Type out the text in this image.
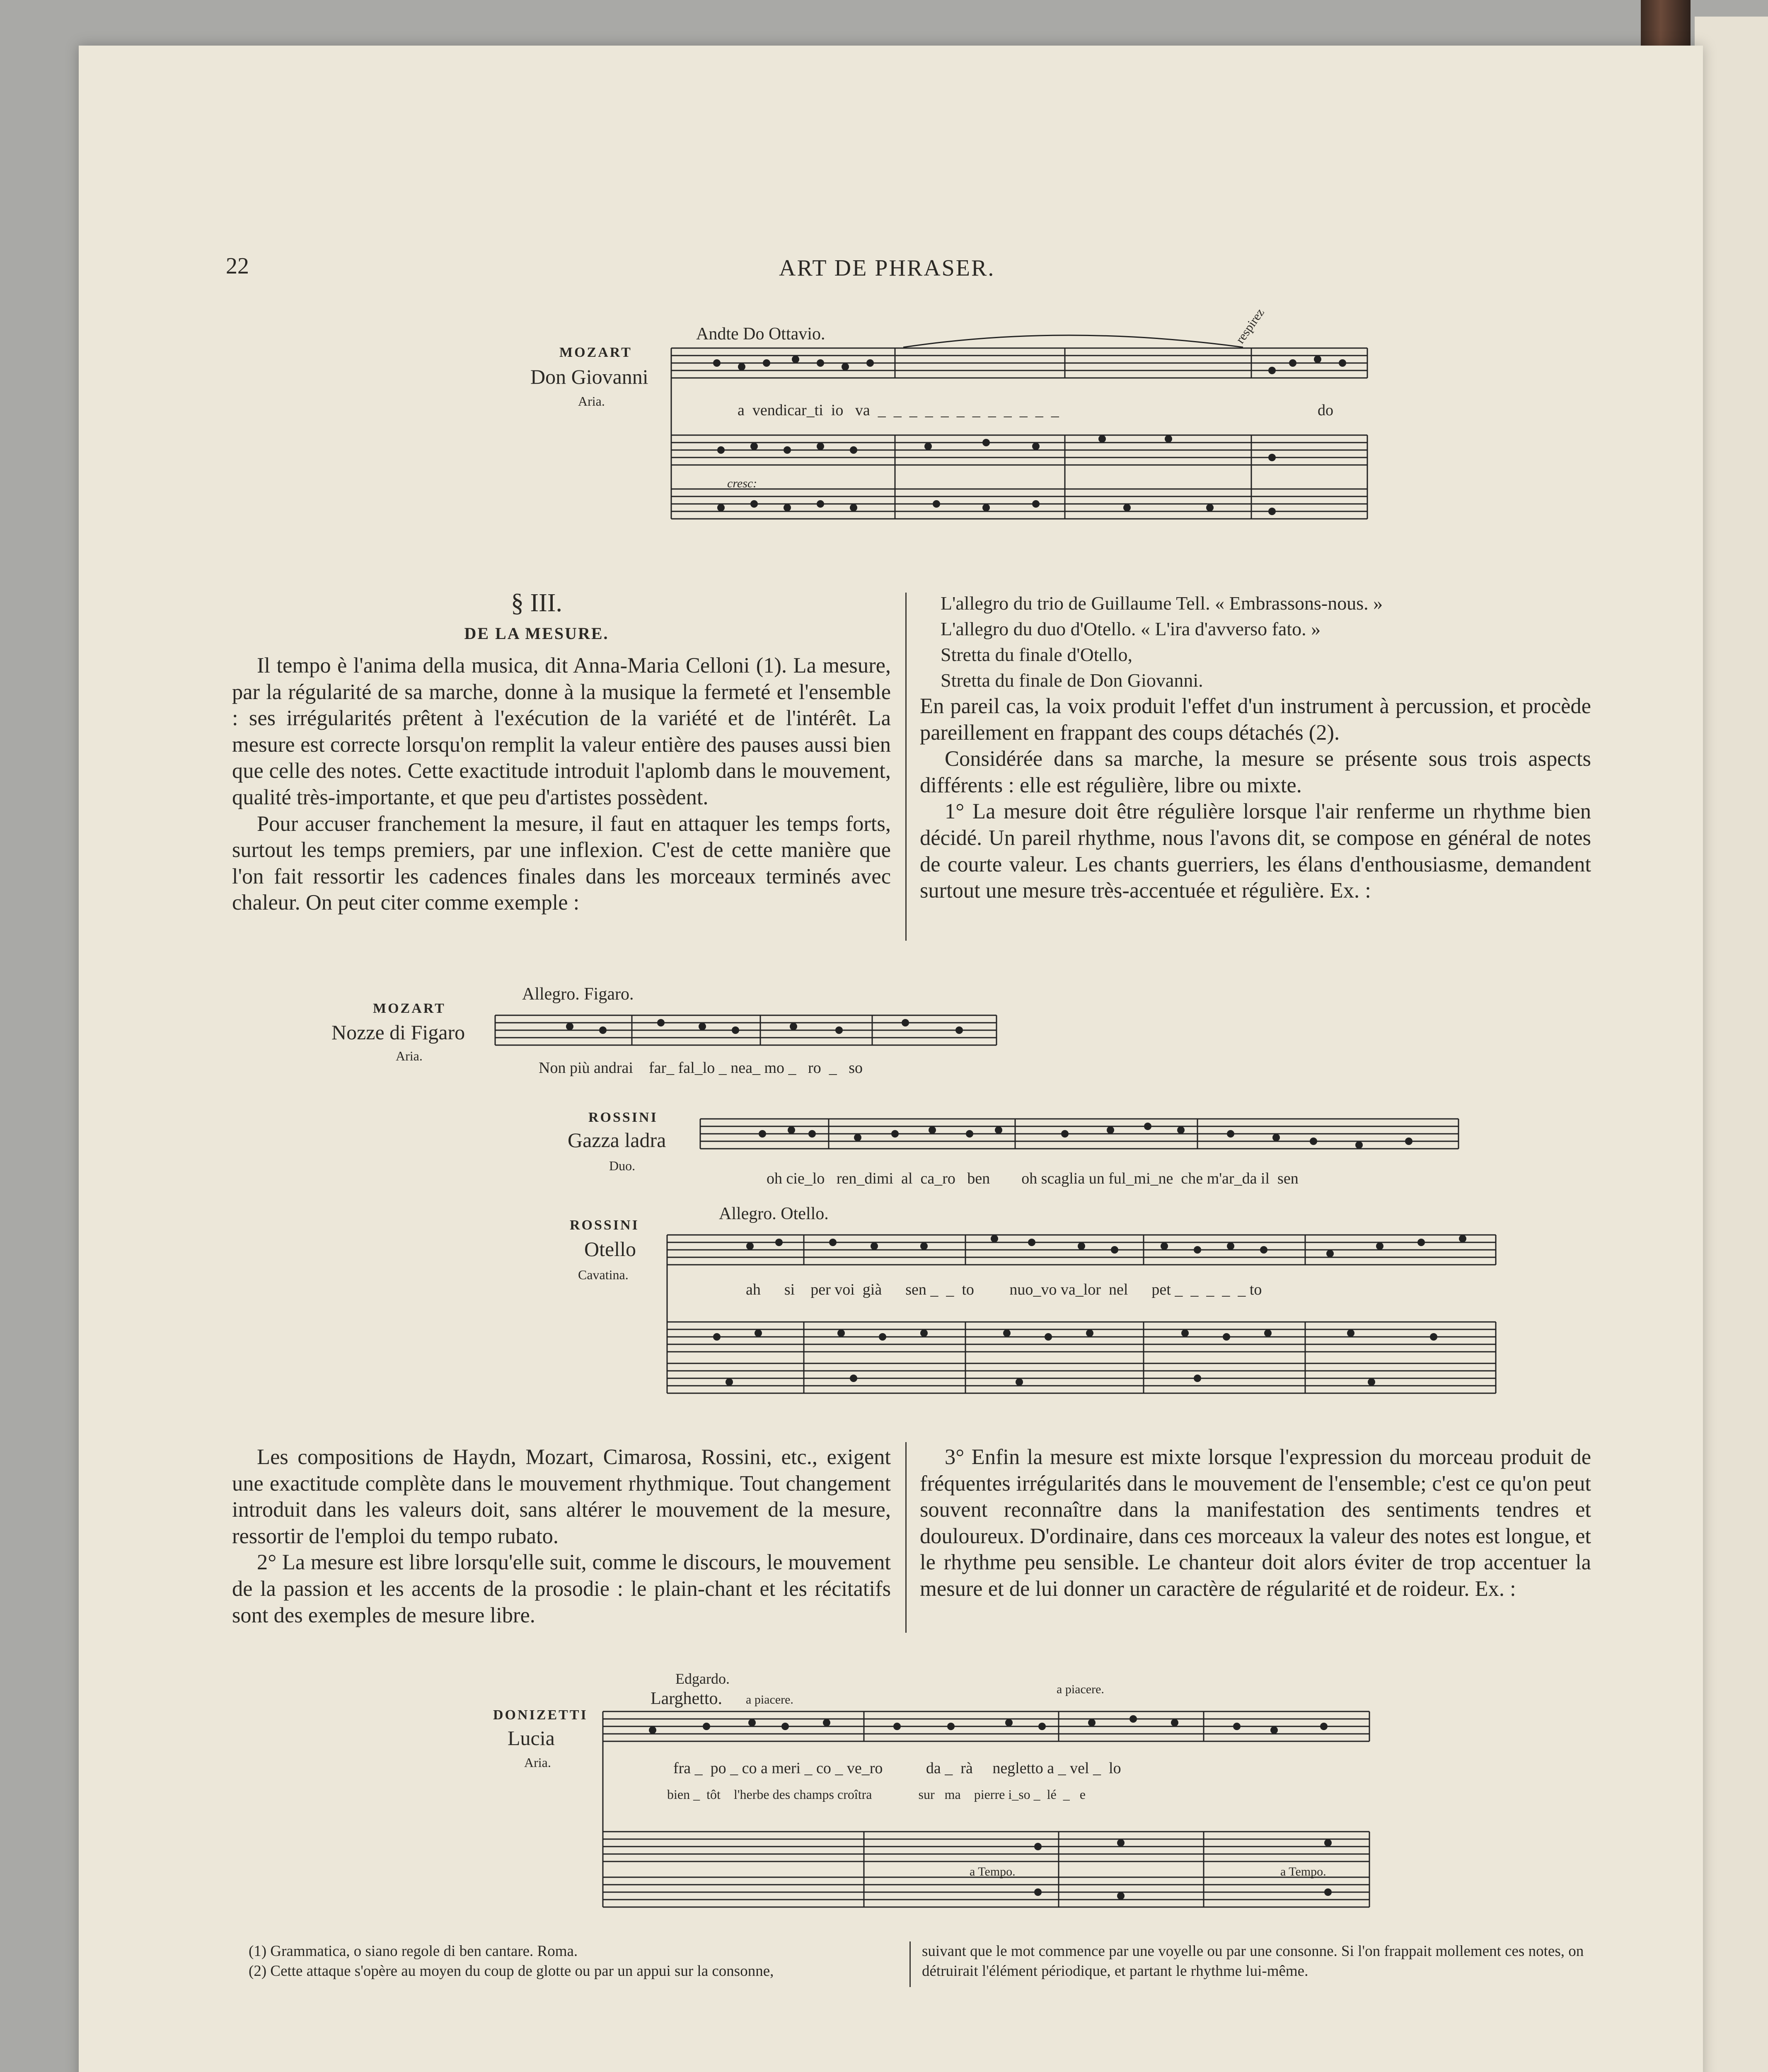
22	ART DE PHRASER.
MOZART
Don Giovanni
Aria.
Andte Do Ottavio.	respirez
cresc:
a  vendicar_ti  io   va  _  _  _  _  _  _  _  _  _  _  _  _	do
§ III.
DE LA MESURE.

Il tempo è l'anima della musica, dit Anna-Maria Celloni (1). La mesure, par la régularité de sa marche, donne à la musique la fermeté et l'ensemble : ses irrégularités prêtent à l'exécution de la variété et de l'intérêt. La mesure est correcte lorsqu'on remplit la valeur entière des pauses aussi bien que celle des notes. Cette exactitude introduit l'aplomb dans le mouvement, qualité très-importante, et que peu d'artistes possèdent.

Pour accuser franchement la mesure, il faut en attaquer les temps forts, surtout les temps premiers, par une inflexion. C'est de cette manière que l'on fait ressortir les cadences finales dans les morceaux terminés avec chaleur. On peut citer comme exemple :

L'allegro du trio de Guillaume Tell. « Embrassons-nous. »
L'allegro du duo d'Otello. « L'ira d'avverso fato. »
Stretta du finale d'Otello,
Stretta du finale de Don Giovanni.

En pareil cas, la voix produit l'effet d'un instrument à percussion, et procède pareillement en frappant des coups détachés (2).

Considérée dans sa marche, la mesure se présente sous trois aspects différents : elle est régulière, libre ou mixte.

1° La mesure doit être régulière lorsque l'air renferme un rhythme bien décidé. Un pareil rhythme, nous l'avons dit, se compose en général de notes de courte valeur. Les chants guerriers, les élans d'enthousiasme, demandent surtout une mesure très-accentuée et régulière. Ex. :

MOZART
Nozze di Figaro
Aria.
Allegro. Figaro.
Non più andrai    far_ fal_lo _ nea_ mo _   ro  _   so
ROSSINI
Gazza ladra
Duo.
oh cie_lo   ren_dimi  al  ca_ro   ben        oh scaglia un ful_mi_ne  che m'ar_da il  sen
ROSSINI
Otello
Cavatina.
Allegro. Otello.
ah      si    per voi  già      sen _  _  to         nuo_vo va_lor  nel      pet _  _  _  _  _ to

Les compositions de Haydn, Mozart, Cimarosa, Rossini, etc., exigent une exactitude complète dans le mouvement rhythmique. Tout changement introduit dans les valeurs doit, sans altérer le mouvement de la mesure, ressortir de l'emploi du tempo rubato.

2° La mesure est libre lorsqu'elle suit, comme le discours, le mouvement de la passion et les accents de la prosodie : le plain-chant et les récitatifs sont des exemples de mesure libre.

3° Enfin la mesure est mixte lorsque l'expression du morceau produit de fréquentes irrégularités dans le mouvement de l'ensemble; c'est ce qu'on peut souvent reconnaître dans la manifestation des sentiments tendres et douloureux. D'ordinaire, dans ces morceaux la valeur des notes est longue, et le rhythme peu sensible. Le chanteur doit alors éviter de trop accentuer la mesure et de lui donner un caractère de régularité et de roideur. Ex. :

Edgardo.
Larghetto. a piacere.
a piacere.
DONIZETTI
Lucia
Aria.	fra _  po _ co a meri _ co _ ve_ro           da _  rà     negletto a _ vel _  lo
bien _  tôt    l'herbe des champs croîtra              sur   ma    pierre i_so _  lé  _   e
a Tempo.	a Tempo.
(1) Grammatica, o siano regole di ben cantare. Roma.
(2) Cette attaque s'opère au moyen du coup de glotte ou par un appui sur la consonne,
suivant que le mot commence par une voyelle ou par une consonne. Si l'on frappait mollement ces notes, on détruirait l'élément périodique, et partant le rhythme lui-même.
